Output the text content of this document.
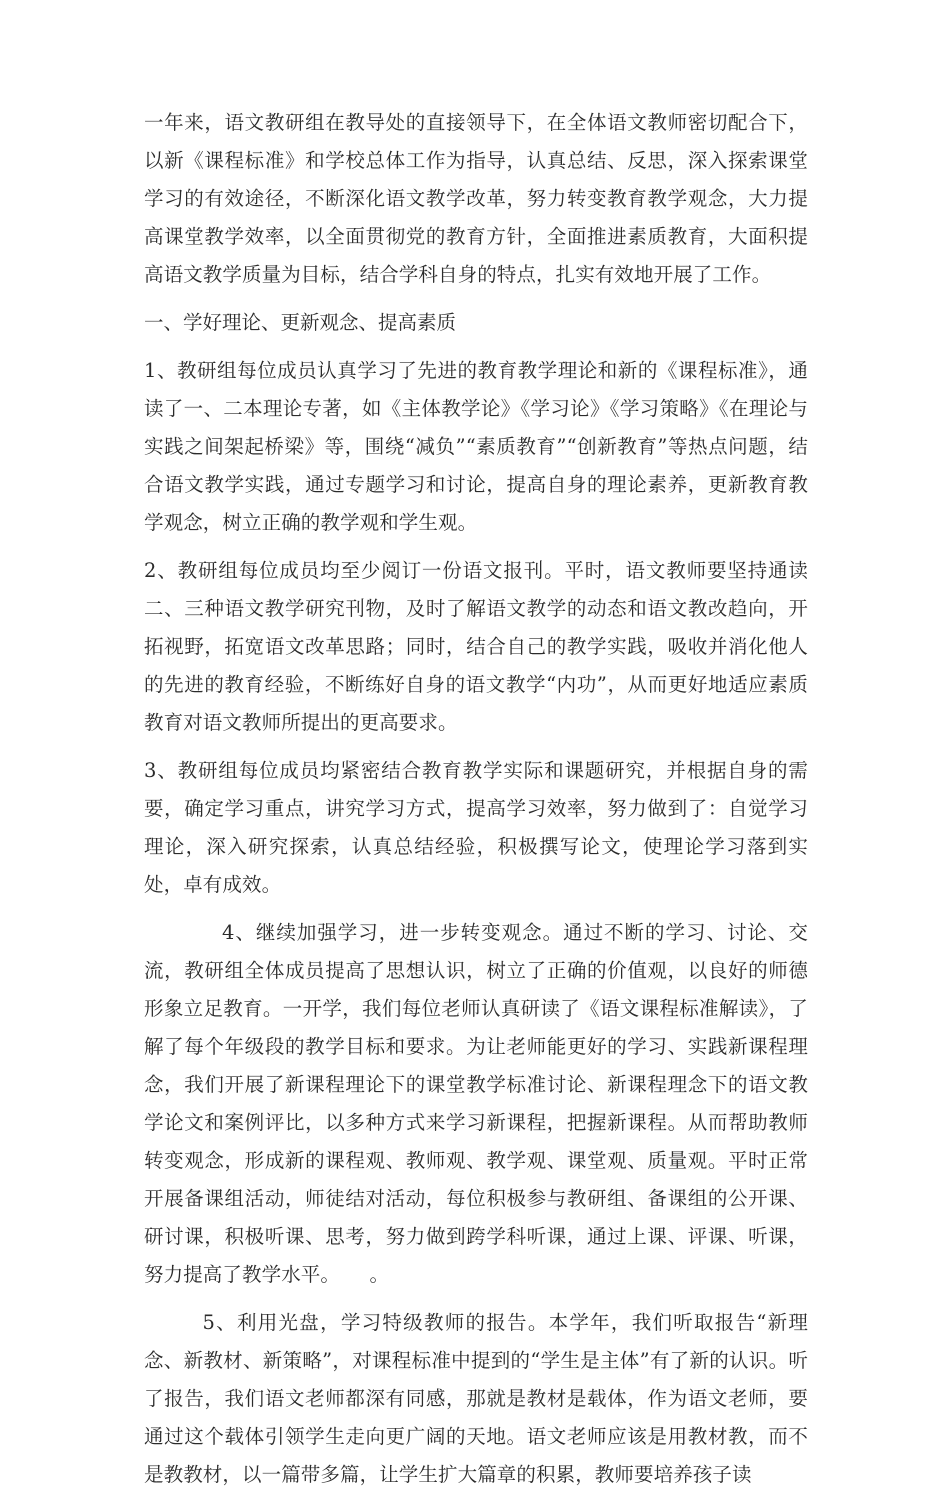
一年来，语文教研组在教导处的直接领导下，在全体语文教师密切配合下，以新《课程标准》和学校总体工作为指导，认真总结、反思，深入探索课堂学习的有效途径，不断深化语文教学改革，努力转变教育教学观念，大力提高课堂教学效率，以全面贯彻党的教育方针，全面推进素质教育，大面积提高语文教学质量为目标，结合学科自身的特点，扎实有效地开展了工作。

一、学好理论、更新观念、提高素质

1、教研组每位成员认真学习了先进的教育教学理论和新的《课程标准》，通读了一、二本理论专著，如《主体教学论》《学习论》《学习策略》《在理论与实践之间架起桥梁》等，围绕“减负”“素质教育”“创新教育”等热点问题，结合语文教学实践，通过专题学习和讨论，提高自身的理论素养，更新教育教学观念，树立正确的教学观和学生观。

2、教研组每位成员均至少阅订一份语文报刊。平时，语文教师要坚持通读二、三种语文教学研究刊物，及时了解语文教学的动态和语文教改趋向，开拓视野，拓宽语文改革思路；同时，结合自己的教学实践，吸收并消化他人的先进的教育经验，不断练好自身的语文教学“内功”，从而更好地适应素质教育对语文教师所提出的更高要求。

3、教研组每位成员均紧密结合教育教学实际和课题研究，并根据自身的需要，确定学习重点，讲究学习方式，提高学习效率，努力做到了：自觉学习理论，深入研究探索，认真总结经验，积极撰写论文，使理论学习落到实处，卓有成效。

4、继续加强学习，进一步转变观念。通过不断的学习、讨论、交流，教研组全体成员提高了思想认识，树立了正确的价值观，以良好的师德形象立足教育。一开学，我们每位老师认真研读了《语文课程标准解读》，了解了每个年级段的教学目标和要求。为让老师能更好的学习、实践新课程理念，我们开展了新课程理论下的课堂教学标准讨论、新课程理念下的语文教学论文和案例评比，以多种方式来学习新课程，把握新课程。从而帮助教师转变观念，形成新的课程观、教师观、教学观、课堂观、质量观。平时正常开展备课组活动，师徒结对活动，每位积极参与教研组、备课组的公开课、研讨课，积极听课、思考，努力做到跨学科听课，通过上课、评课、听课，努力提高了教学水平。　　。

5、利用光盘，学习特级教师的报告。本学年，我们听取报告“新理念、新教材、新策略”，对课程标准中提到的“学生是主体”有了新的认识。听了报告，我们语文老师都深有同感，那就是教材是载体，作为语文老师，要通过这个载体引领学生走向更广阔的天地。语文老师应该是用教材教，而不是教教材，以一篇带多篇，让学生扩大篇章的积累，教师要培养孩子读
